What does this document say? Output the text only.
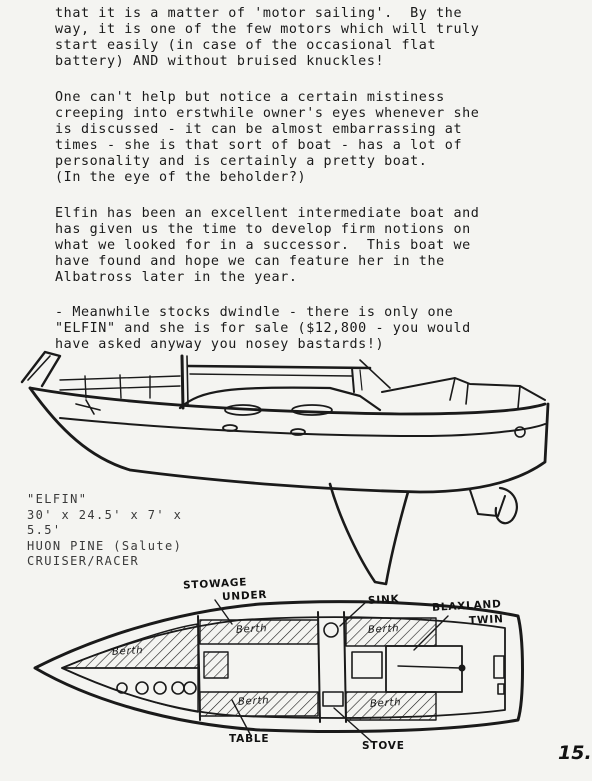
that it is a matter of 'motor sailing'.  By the
way, it is one of the few motors which will truly
start easily (in case of the occasional flat
battery) AND without bruised knuckles!

One can't help but notice a certain mistiness
creeping into erstwhile owner's eyes whenever she
is discussed - it can be almost embarrassing at
times - she is that sort of boat - has a lot of
personality and is certainly a pretty boat.
(In the eye of the beholder?)

Elfin has been an excellent intermediate boat and
has given us the time to develop firm notions on
what we looked for in a successor.  This boat we
have found and hope we can feature her in the
Albatross later in the year.

- Meanwhile stocks dwindle - there is only one
"ELFIN" and she is for sale ($12,800 - you would
have asked anyway you nosey bastards!)

"ELFIN"
30' x 24.5' x 7' x
5.5'
HUON PINE (Salute)
CRUISER/RACER
STOWAGE
UNDER	SINK	BLAXLAND
TWIN
Berth
Berth
Berth
Berth
Berth
TABLE
STOVE	15.
